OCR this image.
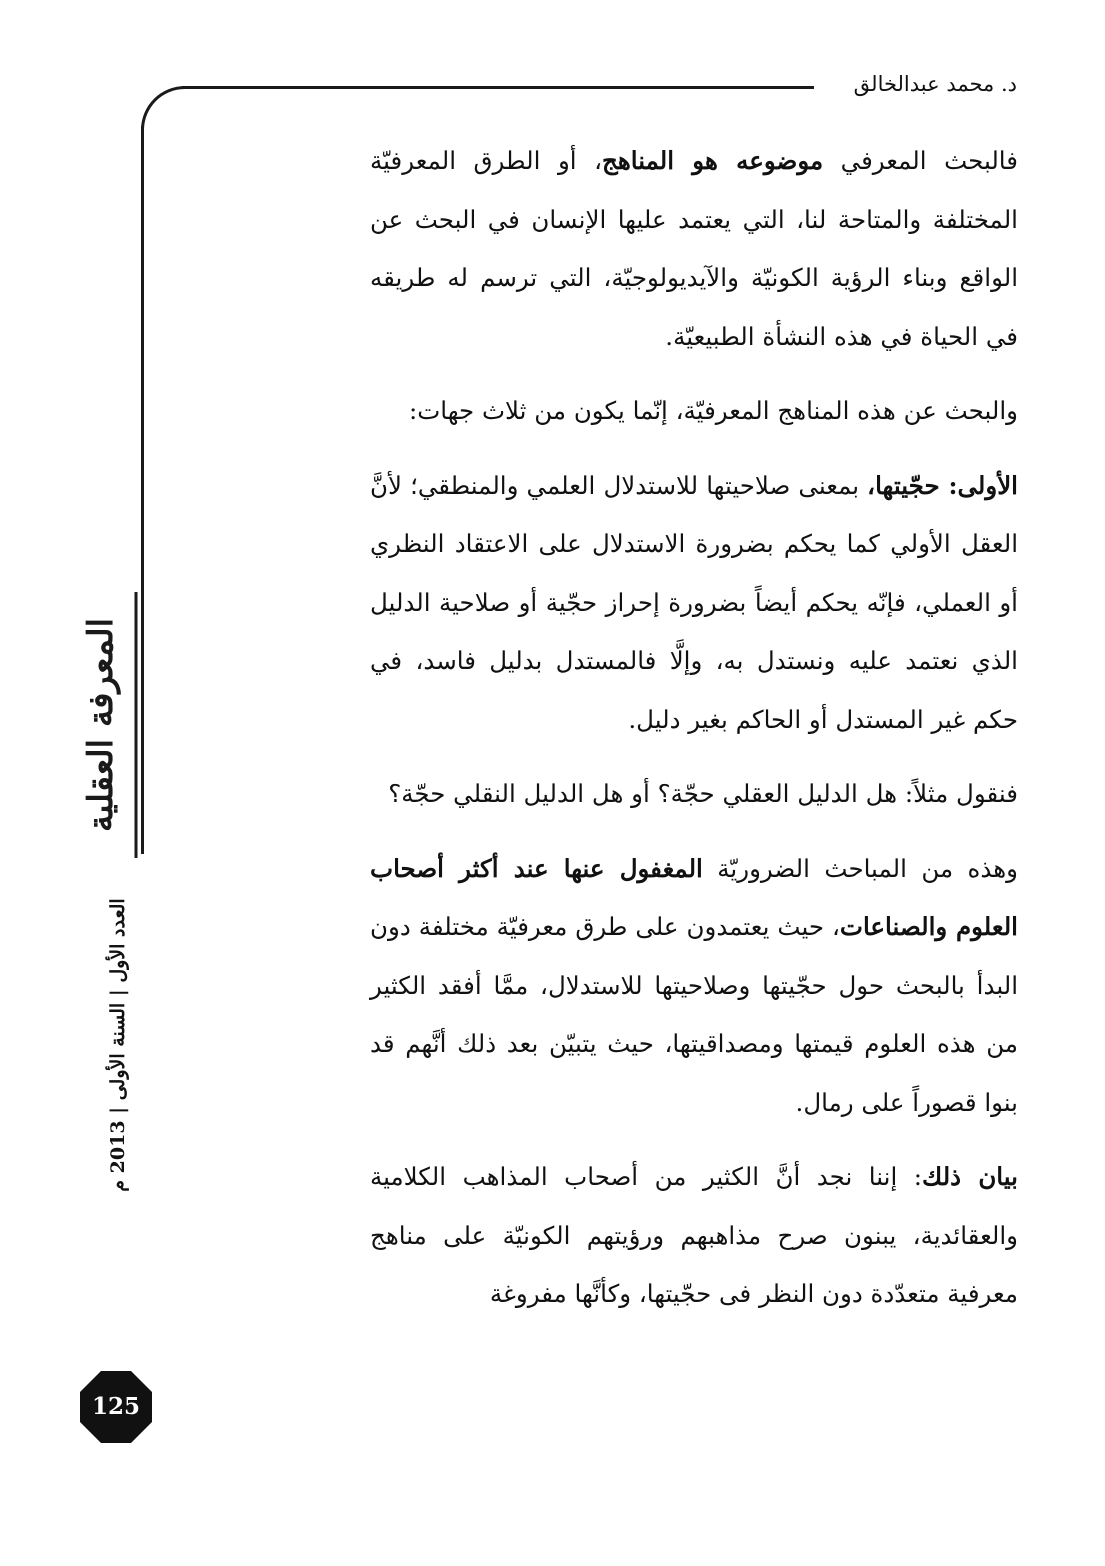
د. محمد عبدالخالق

فالبحث المعرفي موضوعه هو المناهج، أو الطرق المعرفيّة المختلفة والمتاحة لنا، التي يعتمد عليها الإنسان في البحث عن الواقع وبناء الرؤية الكونيّة والآيديولوجيّة، التي ترسم له طريقه في الحياة في هذه النشأة الطبيعيّة.

والبحث عن هذه المناهج المعرفيّة، إنّما يكون من ثلاث جهات:

الأولى: حجّيتها، بمعنى صلاحيتها للاستدلال العلمي والمنطقي؛ لأنَّ العقل الأولي كما يحكم بضرورة الاستدلال على الاعتقاد النظري أو العملي، فإنّه يحكم أيضاً بضرورة إحراز حجّية أو صلاحية الدليل الذي نعتمد عليه ونستدل به، وإلَّا فالمستدل بدليل فاسد، في حكم غير المستدل أو الحاكم بغير دليل.

فنقول مثلاً: هل الدليل العقلي حجّة؟ أو هل الدليل النقلي حجّة؟

وهذه من المباحث الضروريّة المغفول عنها عند أكثر أصحاب العلوم والصناعات، حيث يعتمدون على طرق معرفيّة مختلفة دون البدأ بالبحث حول حجّيتها وصلاحيتها للاستدلال، ممَّا أفقد الكثير من هذه العلوم قيمتها ومصداقيتها، حيث يتبيّن بعد ذلك أنَّهم قد بنوا قصوراً على رمال.

بيان ذلك: إننا نجد أنَّ الكثير من أصحاب المذاهب الكلامية والعقائدية، يبنون صرح مذاهبهم ورؤيتهم الكونيّة على مناهج معرفية متعدّدة دون النظر فى حجّيتها، وكأنَّها مفروغة

المعرفة العقلية
العدد الأول | السنة الأولى | 2013 م
125
